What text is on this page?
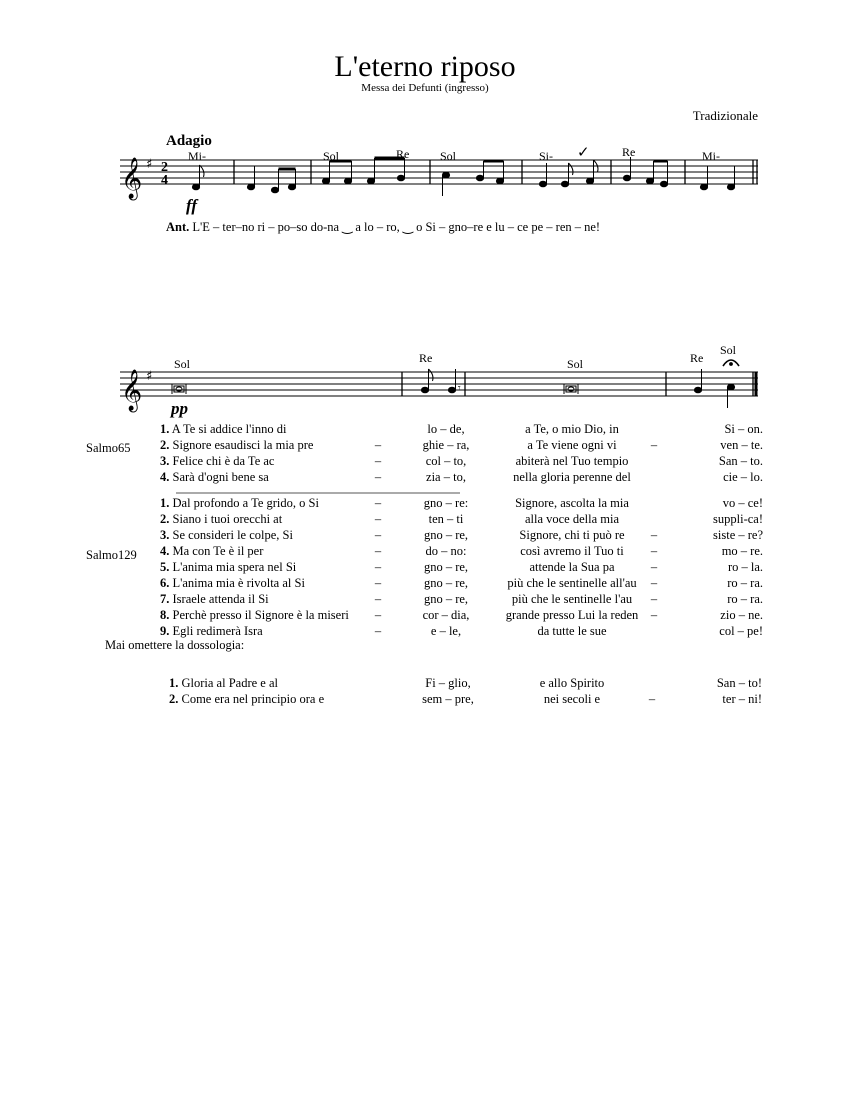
L'eterno riposo
Messa dei Defunti (ingresso)
Tradizionale
Adagio
𝄞 ♯ 2
4
𝄞 ♯
𝄾
Mi-	Sol	Re	Sol	Si-	Re	Mi-
✓
ff
Ant. L'E – ter–no ri – po–so do-na ‿ a lo – ro, ‿ o Si – gno–re e lu – ce pe – ren – ne!
Sol	Re	Sol	Re
Sol
pp
Salmo65
1. A Te si addice l'inno di	lo – de,	a Te, o mio Dio, in	Si – on.
2. Signore esaudisci la mia pre	–	ghie – ra,	a Te viene ogni vi	–	ven – te.
3. Felice chi è da Te ac	–	col – to,	abiterà nel Tuo tempio	San – to.
4. Sarà d'ogni bene sa	–	zia – to,	nella gloria perenne del	cie – lo.
Salmo129
1. Dal profondo a Te grido, o Si	–	gno – re:	Signore, ascolta la mia	vo – ce!
2. Siano i tuoi orecchi at	–	ten – ti	alla voce della mia	suppli-ca!
3. Se consideri le colpe, Si	–	gno – re,	Signore, chi ti può re	–	siste – re?
4. Ma con Te è il per	–	do – no:	così avremo il Tuo ti	–	mo – re.
5. L'anima mia spera nel Si	–	gno – re,	attende la Sua pa	–	ro – la.
6. L'anima mia è rivolta al Si	–	gno – re,	più che le sentinelle all'au	–	ro – ra.
7. Israele attenda il Si	–	gno – re,	più che le sentinelle l'au	–	ro – ra.
8. Perchè presso il Signore è la miseri	–	cor – dia,	grande presso Lui la reden	–	zio – ne.
9. Egli redimerà Isra	–	e – le,	da tutte le sue	col – pe!
Mai omettere la dossologia:
1. Gloria al Padre e al	Fi – glio,	e allo Spirito	San – to!
2. Come era nel principio ora e	sem – pre,	nei secoli e	–	ter – ni!
